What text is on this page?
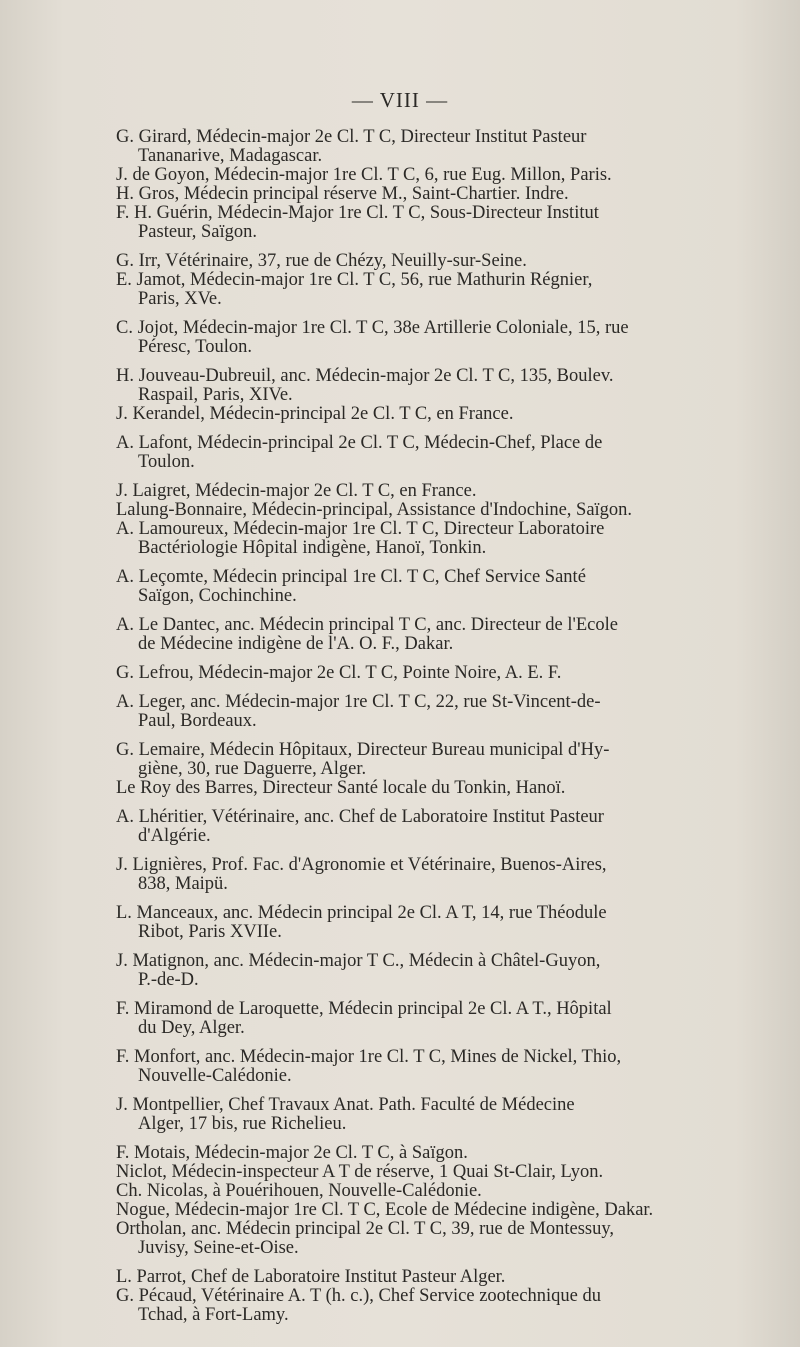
— VIII —
G. Girard, Médecin-major 2e Cl. T C, Directeur Institut Pasteur
Tananarive, Madagascar.
J. de Goyon, Médecin-major 1re Cl. T C, 6, rue Eug. Millon, Paris.
H. Gros, Médecin principal réserve M., Saint-Chartier. Indre.
F. H. Guérin, Médecin-Major 1re Cl. T C, Sous-Directeur Institut
Pasteur, Saïgon.
G. Irr, Vétérinaire, 37, rue de Chézy, Neuilly-sur-Seine.
E. Jamot, Médecin-major 1re Cl. T C, 56, rue Mathurin Régnier,
Paris, XVe.
C. Jojot, Médecin-major 1re Cl. T C, 38e Artillerie Coloniale, 15, rue
Péresc, Toulon.
H. Jouveau-Dubreuil, anc. Médecin-major 2e Cl. T C, 135, Boulev.
Raspail, Paris, XIVe.
J. Kerandel, Médecin-principal 2e Cl. T C, en France.
A. Lafont, Médecin-principal 2e Cl. T C, Médecin-Chef, Place de
Toulon.
J. Laigret, Médecin-major 2e Cl. T C, en France.
Lalung-Bonnaire, Médecin-principal, Assistance d'Indochine, Saïgon.
A. Lamoureux, Médecin-major 1re Cl. T C, Directeur Laboratoire
Bactériologie Hôpital indigène, Hanoï, Tonkin.
A. Leçomte, Médecin principal 1re Cl. T C, Chef Service Santé
Saïgon, Cochinchine.
A. Le Dantec, anc. Médecin principal T C, anc. Directeur de l'Ecole
de Médecine indigène de l'A. O. F., Dakar.
G. Lefrou, Médecin-major 2e Cl. T C, Pointe Noire, A. E. F.
A. Leger, anc. Médecin-major 1re Cl. T C, 22, rue St-Vincent-de-
Paul, Bordeaux.
G. Lemaire, Médecin Hôpitaux, Directeur Bureau municipal d'Hy-
giène, 30, rue Daguerre, Alger.
Le Roy des Barres, Directeur Santé locale du Tonkin, Hanoï.
A. Lhéritier, Vétérinaire, anc. Chef de Laboratoire Institut Pasteur
d'Algérie.
J. Lignières, Prof. Fac. d'Agronomie et Vétérinaire, Buenos-Aires,
838, Maipü.
L. Manceaux, anc. Médecin principal 2e Cl. A T, 14, rue Théodule
Ribot, Paris XVIIe.
J. Matignon, anc. Médecin-major T C., Médecin à Châtel-Guyon,
P.-de-D.
F. Miramond de Laroquette, Médecin principal 2e Cl. A T., Hôpital
du Dey, Alger.
F. Monfort, anc. Médecin-major 1re Cl. T C, Mines de Nickel, Thio,
Nouvelle-Calédonie.
J. Montpellier, Chef Travaux Anat. Path. Faculté de Médecine
Alger, 17 bis, rue Richelieu.
F. Motais, Médecin-major 2e Cl. T C, à Saïgon.
Niclot, Médecin-inspecteur A T de réserve, 1 Quai St-Clair, Lyon.
Ch. Nicolas, à Pouérihouen, Nouvelle-Calédonie.
Nogue, Médecin-major 1re Cl. T C, Ecole de Médecine indigène, Dakar.
Ortholan, anc. Médecin principal 2e Cl. T C, 39, rue de Montessuy,
Juvisy, Seine-et-Oise.
L. Parrot, Chef de Laboratoire Institut Pasteur Alger.
G. Pécaud, Vétérinaire A. T (h. c.), Chef Service zootechnique du
Tchad, à Fort-Lamy.
